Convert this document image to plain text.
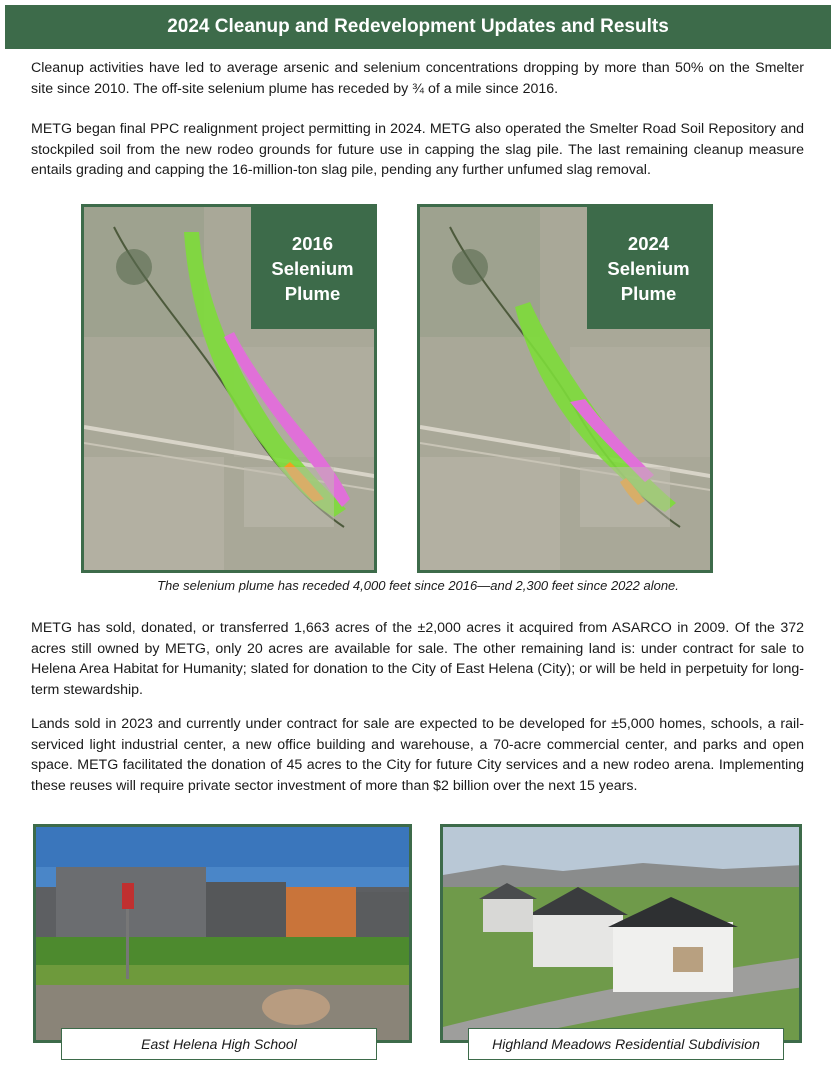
2024 Cleanup and Redevelopment Updates and Results

Cleanup activities have led to average arsenic and selenium concentrations dropping by more than 50% on the Smelter site since 2010. The off-site selenium plume has receded by ¾ of a mile since 2016.

METG began final PPC realignment project permitting in 2024. METG also operated the Smelter Road Soil Repository and stockpiled soil from the new rodeo grounds for future use in capping the slag pile. The last remaining cleanup measure entails grading and capping the 16-million-ton slag pile, pending any further unfumed slag removal.

2016
Selenium
Plume
2024
Selenium
Plume

The selenium plume has receded 4,000 feet since 2016—and 2,300 feet since 2022 alone.

METG has sold, donated, or transferred 1,663 acres of the ±2,000 acres it acquired from ASARCO in 2009. Of the 372 acres still owned by METG, only 20 acres are available for sale. The other remaining land is: under contract for sale to Helena Area Habitat for Humanity; slated for donation to the City of East Helena (City); or will be held in perpetuity for long-term stewardship.

Lands sold in 2023 and currently under contract for sale are expected to be developed for ±5,000 homes, schools, a rail-serviced light industrial center, a new office building and warehouse, a 70-acre commercial center, and parks and open space. METG facilitated the donation of 45 acres to the City for future City services and a new rodeo arena. Implementing these reuses will require private sector investment of more than $2 billion over the next 15 years.

East Helena High School	Highland Meadows Residential Subdivision
